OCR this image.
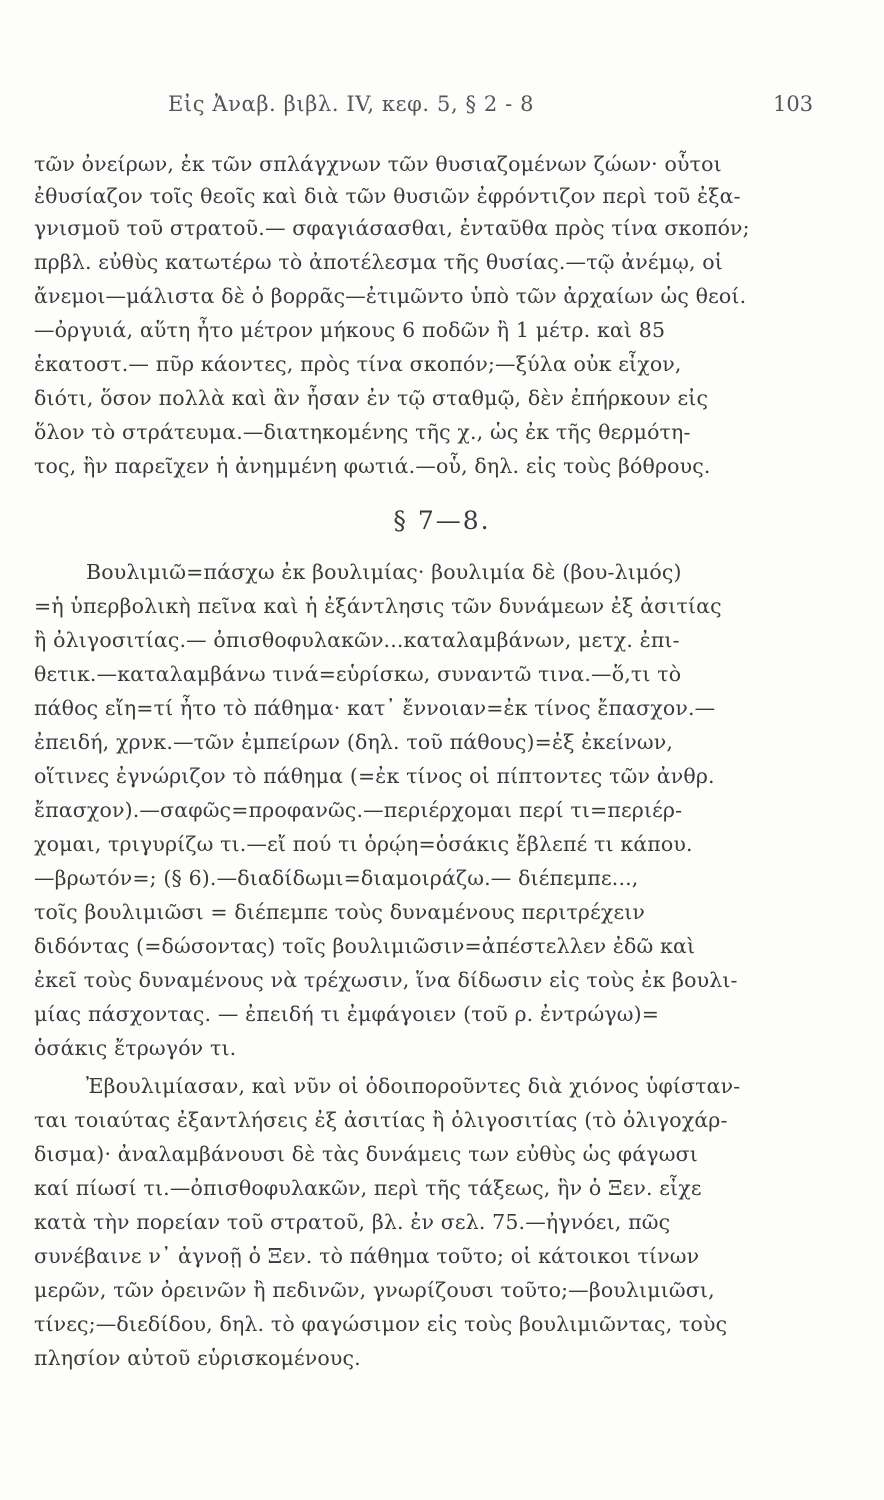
Εἰς Ἀναβ. βιβλ. IV, κεφ. 5, § 2 - 8	103
τῶν ὀνείρων, ἐκ τῶν σπλάγχνων τῶν θυσιαζομένων ζώων· οὗτοι
ἐθυσίαζον τοῖς θεοῖς καὶ διὰ τῶν θυσιῶν ἐφρόντιζον περὶ τοῦ ἐξα-
γνισμοῦ τοῦ στρατοῦ.— σφαγιάσασθαι, ἐνταῦθα πρὸς τίνα σκοπόν;
πρβλ. εὐθὺς κατωτέρω τὸ ἀποτέλεσμα τῆς θυσίας.—τῷ ἀνέμῳ, οἱ
ἄνεμοι—μάλιστα δὲ ὁ βορρᾶς—ἐτιμῶντο ὑπὸ τῶν ἀρχαίων ὡς θεοί.
—ὀργυιά, αὕτη ἦτο μέτρον μήκους 6 ποδῶν ἢ 1 μέτρ. καὶ 85
ἑκατοστ.— πῦρ κάοντες, πρὸς τίνα σκοπόν;—ξύλα οὐκ εἶχον,
διότι, ὅσον πολλὰ καὶ ἂν ἦσαν ἐν τῷ σταθμῷ, δὲν ἐπήρκουν εἰς
ὅλον τὸ στράτευμα.—διατηκομένης τῆς χ., ὡς ἐκ τῆς θερμότη-
τος, ἣν παρεῖχεν ἡ ἀνημμένη φωτιά.—οὗ, δηλ. εἰς τοὺς βόθρους.
§ 7—8.
Βουλιμιῶ=πάσχω ἐκ βουλιμίας· βουλιμία δὲ (βου-λιμός)
=ἡ ὑπερβολικὴ πεῖνα καὶ ἡ ἐξάντλησις τῶν δυνάμεων ἐξ ἀσιτίας
ἢ ὀλιγοσιτίας.— ὀπισθοφυλακῶν...καταλαμβάνων, μετχ. ἐπι-
θετικ.—καταλαμβάνω τινά=εὑρίσκω, συναντῶ τινα.—ὅ,τι τὸ
πάθος εἴη=τί ἦτο τὸ πάθημα· κατ᾽ ἔννοιαν=ἐκ τίνος ἔπασχον.—
ἐπειδή, χρνκ.—τῶν ἐμπείρων (δηλ. τοῦ πάθους)=ἐξ ἐκείνων,
οἵτινες ἐγνώριζον τὸ πάθημα (=ἐκ τίνος οἱ πίπτοντες τῶν ἀνθρ.
ἔπασχον).—σαφῶς=προφανῶς.—περιέρχομαι περί τι=περιέρ-
χομαι, τριγυρίζω τι.—εἴ πού τι ὁρῴη=ὁσάκις ἔβλεπέ τι κάπου.
—βρωτόν=; (§ 6).—διαδίδωμι=διαμοιράζω.— διέπεμπε...,
τοῖς βουλιμιῶσι = διέπεμπε τοὺς δυναμένους περιτρέχειν
διδόντας (=δώσοντας) τοῖς βουλιμιῶσιν=ἀπέστελλεν ἐδῶ καὶ
ἐκεῖ τοὺς δυναμένους νὰ τρέχωσιν, ἵνα δίδωσιν εἰς τοὺς ἐκ βουλι-
μίας πάσχοντας. — ἐπειδή τι ἐμφάγοιεν (τοῦ ρ. ἐντρώγω)=
ὁσάκις ἔτρωγόν τι.
Ἐβουλιμίασαν, καὶ νῦν οἱ ὁδοιποροῦντες διὰ χιόνος ὑφίσταν-
ται τοιαύτας ἐξαντλήσεις ἐξ ἀσιτίας ἢ ὀλιγοσιτίας (τὸ ὀλιγοχάρ-
δισμα)· ἀναλαμβάνουσι δὲ τὰς δυνάμεις των εὐθὺς ὡς φάγωσι
καί πίωσί τι.—ὀπισθοφυλακῶν, περὶ τῆς τάξεως, ἣν ὁ Ξεν. εἶχε
κατὰ τὴν πορείαν τοῦ στρατοῦ, βλ. ἐν σελ. 75.—ἠγνόει, πῶς
συνέβαινε ν᾽ ἀγνοῇ ὁ Ξεν. τὸ πάθημα τοῦτο; οἱ κάτοικοι τίνων
μερῶν, τῶν ὀρεινῶν ἢ πεδινῶν, γνωρίζουσι τοῦτο;—βουλιμιῶσι,
τίνες;—διεδίδου, δηλ. τὸ φαγώσιμον εἰς τοὺς βουλιμιῶντας, τοὺς
πλησίον αὐτοῦ εὑρισκομένους.
